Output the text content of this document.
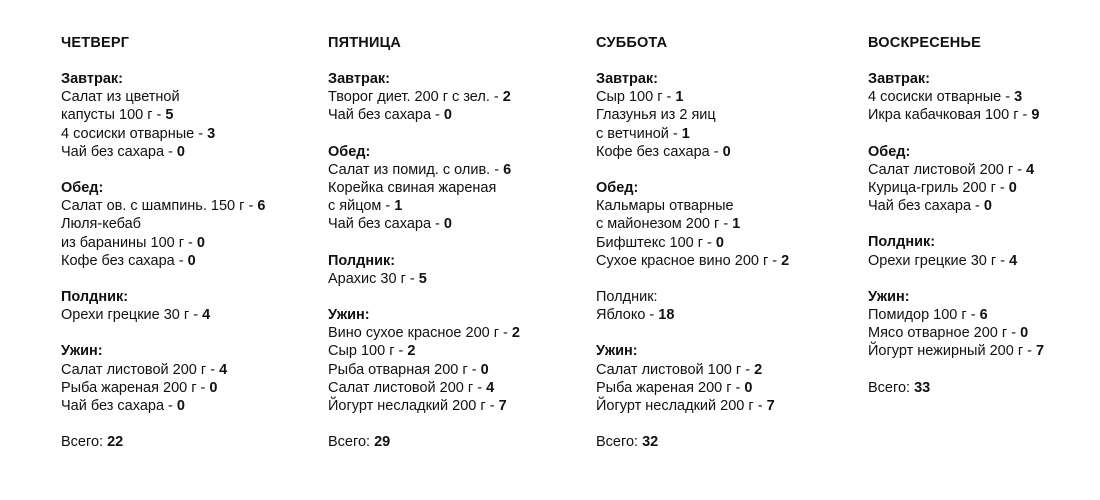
ЧЕТВЕРГ
Завтрак:
Салат из цветной
капусты 100 г - 5
4 сосиски отварные - 3
Чай без сахара - 0
Обед:
Салат ов. с шампинь. 150 г - 6
Люля-кебаб
из баранины 100 г - 0
Кофе без сахара - 0
Полдник:
Орехи грецкие 30 г - 4
Ужин:
Салат листовой 200 г - 4
Рыба жареная 200 г - 0
Чай без сахара - 0
Всего: 22
ПЯТНИЦА
Завтрак:
Творог диет. 200 г с зел. - 2
Чай без сахара - 0
Обед:
Салат из помид. с олив. - 6
Корейка свиная жареная
с яйцом - 1
Чай без сахара - 0
Полдник:
Арахис 30 г - 5
Ужин:
Вино сухое красное 200 г - 2
Сыр 100 г - 2
Рыба отварная 200 г - 0
Салат листовой 200 г - 4
Йогурт несладкий 200 г - 7
Всего: 29
СУББОТА
Завтрак:
Сыр 100 г - 1
Глазунья из 2 яиц
с ветчиной - 1
Кофе без сахара - 0
Обед:
Кальмары отварные
с майонезом 200 г - 1
Бифштекс 100 г - 0
Сухое красное вино 200 г - 2
Полдник:
Яблоко - 18
Ужин:
Салат листовой 100 г - 2
Рыба жареная 200 г - 0
Йогурт несладкий 200 г - 7
Всего: 32
ВОСКРЕСЕНЬЕ
Завтрак:
4 сосиски отварные - 3
Икра кабачковая 100 г - 9
Обед:
Салат листовой 200 г - 4
Курица-гриль 200 г - 0
Чай без сахара - 0
Полдник:
Орехи грецкие 30 г - 4
Ужин:
Помидор 100 г - 6
Мясо отварное 200 г - 0
Йогурт нежирный 200 г - 7
Всего: 33
